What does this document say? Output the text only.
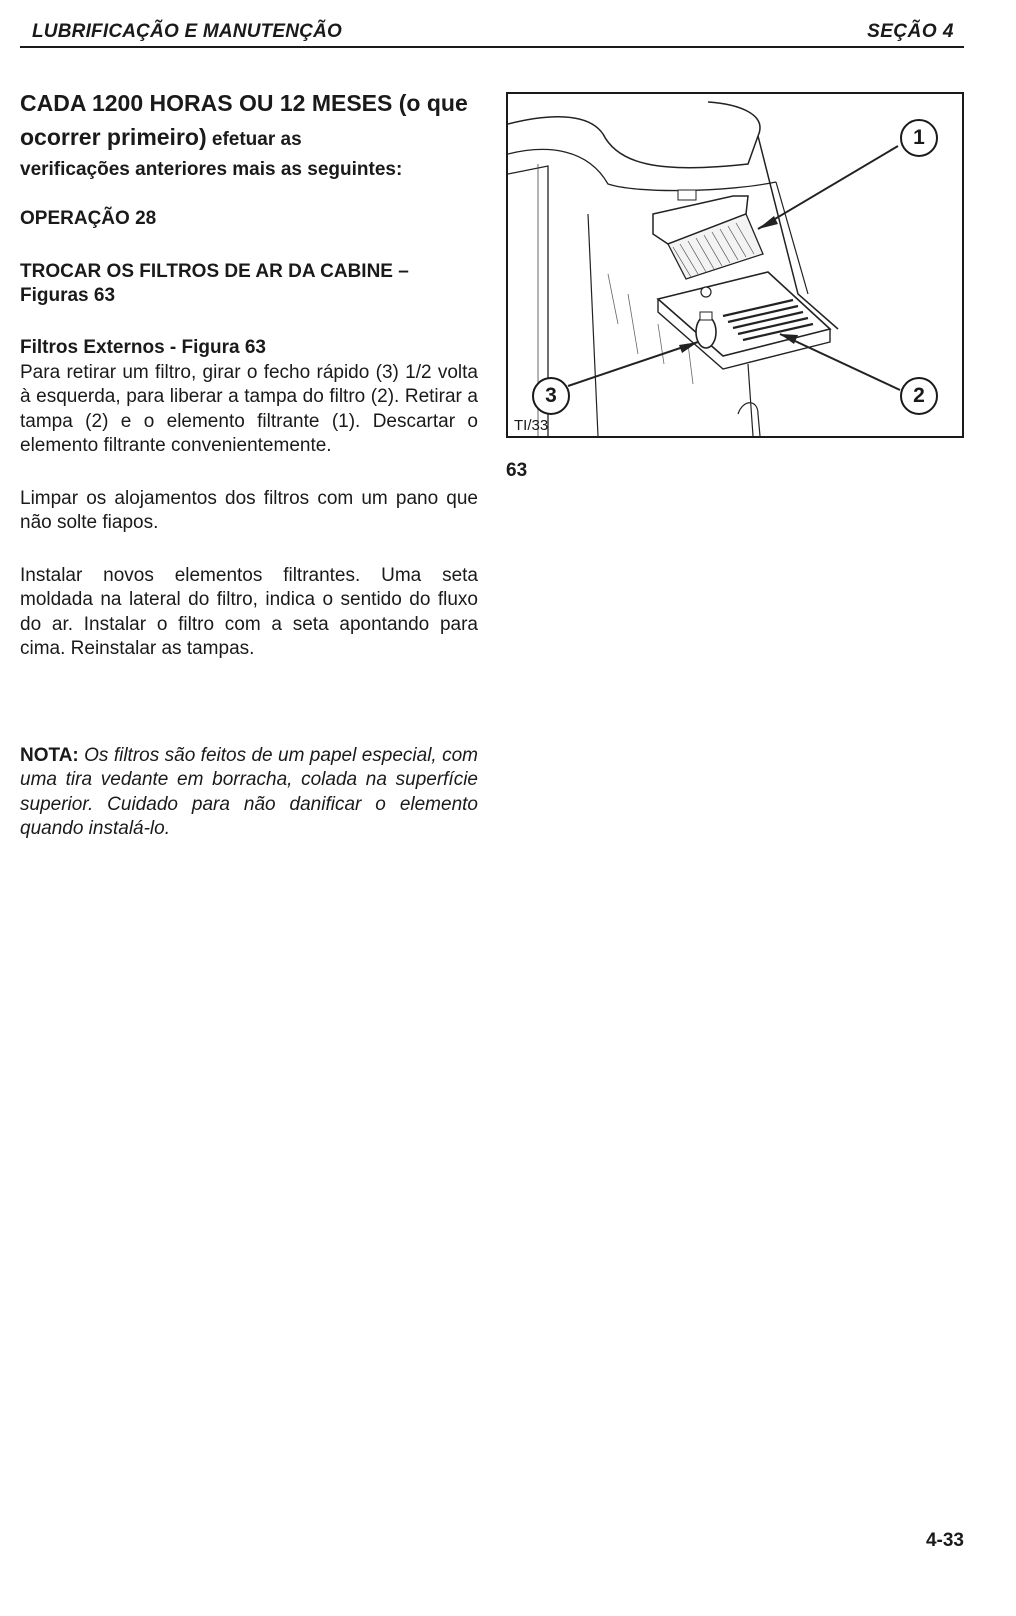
LUBRIFICAÇÃO E MANUTENÇÃO	SEÇÃO 4

CADA 1200 HORAS OU 12 MESES (o que ocorrer primeiro) efetuar as
verificações anteriores mais as seguintes:

OPERAÇÃO 28

TROCAR OS FILTROS DE AR DA CABINE – Figuras 63

Filtros Externos - Figura 63

Para retirar um filtro, girar o fecho rápido (3) 1/2 volta à esquerda, para liberar a tampa do filtro (2). Retirar a tampa (2) e o elemento filtrante (1). Descartar o elemento filtrante convenientemente.

Limpar os alojamentos dos filtros com um pano que não solte fiapos.

Instalar novos elementos filtrantes. Uma seta moldada na lateral do filtro, indica o sentido do fluxo do ar. Instalar o filtro com a seta apontando para cima. Reinstalar as tampas.

NOTA: Os filtros são feitos de um papel especial, com uma tira vedante em borracha, colada na superfície superior. Cuidado para não danificar o elemento quando instalá-lo.

1
2
3
TI/33
63
4-33
